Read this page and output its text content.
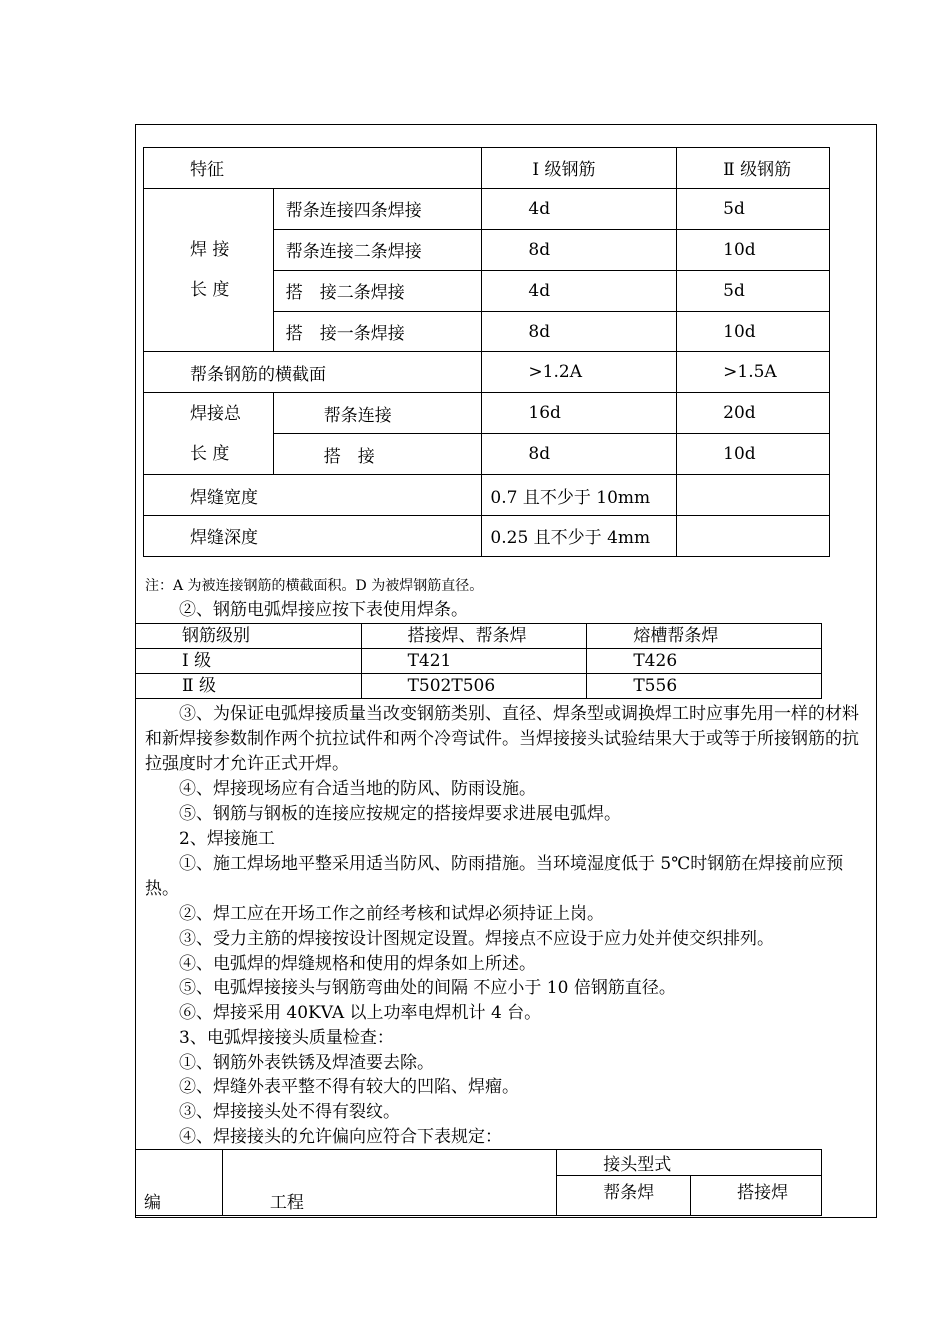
特征		Ⅰ 级钢筋	Ⅱ 级钢筋

焊 接
长 度	帮条连接四条焊接	4d	5d
	帮条连接二条焊接	8d	10d
	搭　接二条焊接	4d	5d
	搭　接一条焊接	8d	10d
帮条钢筋的横截面		>1.2A	>1.5A

焊接总
长 度	帮条连接	16d	20d
	搭　接	8d	10d
焊缝宽度		0.7 且不少于 10mm	
焊缝深度		0.25 且不少于 4mm	
注：A 为被连接钢筋的横截面积。D 为被焊钢筋直径。
②、钢筋电弧焊接应按下表使用焊条。
钢筋级别	搭接焊、帮条焊	熔槽帮条焊
Ⅰ 级	T421	T426
Ⅱ 级	T502T506	T556
③、为保证电弧焊接质量当改变钢筋类别、直径、焊条型或调换焊工时应事先用一样的材料和新焊接参数制作两个抗拉试件和两个冷弯试件。当焊接接头试验结果大于或等于所接钢筋的抗拉强度时才允许正式开焊。
④、焊接现场应有合适当地的防风、防雨设施。
⑤、钢筋与钢板的连接应按规定的搭接焊要求进展电弧焊。
2、焊接施工
①、施工焊场地平整采用适当防风、防雨措施。当环境湿度低于 5℃时钢筋在焊接前应预热。
②、焊工应在开场工作之前经考核和试焊必须持证上岗。
③、受力主筋的焊接按设计图规定设置。焊接点不应设于应力处并使交织排列。
④、电弧焊的焊缝规格和使用的焊条如上所述。
⑤、电弧焊接接头与钢筋弯曲处的间隔 不应小于 10 倍钢筋直径。
⑥、焊接采用 40KVA 以上功率电焊机计 4 台。
3、电弧焊接接头质量检查：
①、钢筋外表铁锈及焊渣要去除。
②、焊缝外表平整不得有较大的凹陷、焊瘤。
③、焊接接头处不得有裂纹。
④、焊接接头的允许偏向应符合下表规定：
编	工程	接头型式	
		帮条焊	搭接焊
